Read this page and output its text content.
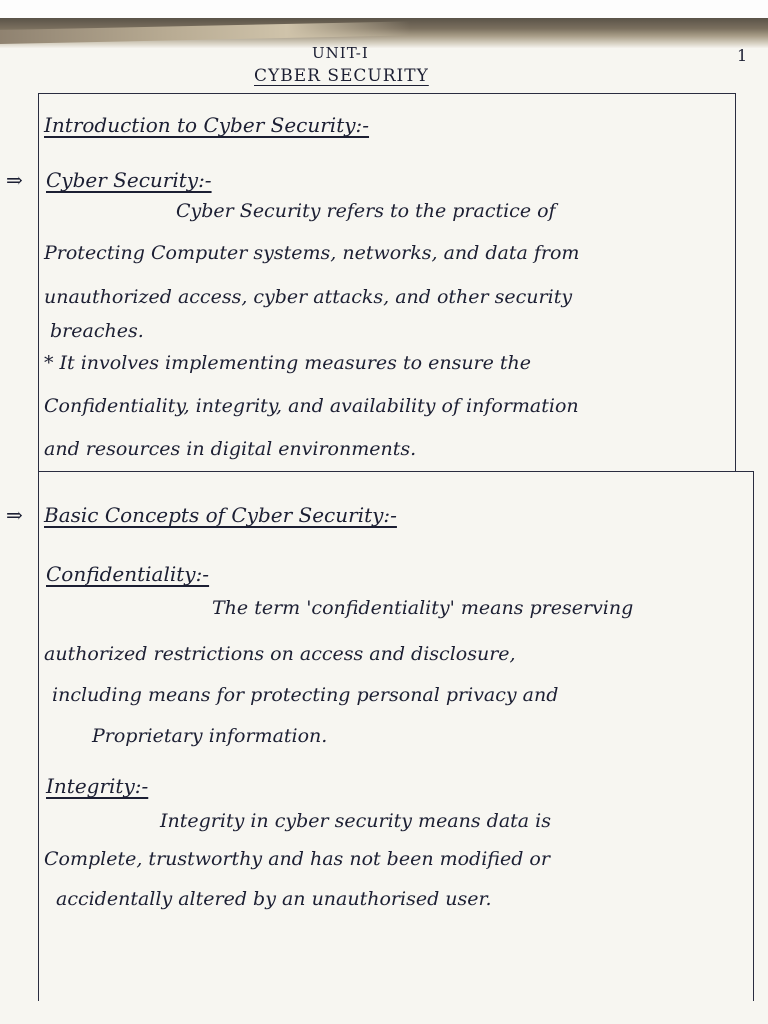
UNIT-I	1
CYBER SECURITY
Introduction to Cyber Security:-
⇒ Cyber Security:-
Cyber Security refers to the practice of
Protecting Computer systems, networks, and data from
unauthorized access, cyber attacks, and other security
breaches.
* It involves implementing measures to ensure the
Confidentiality, integrity, and availability of information
and resources in digital environments.
⇒ Basic Concepts of Cyber Security:-
Confidentiality:-
The term 'confidentiality' means preserving
authorized restrictions on access and disclosure,
including means for protecting personal privacy and
Proprietary information.
Integrity:-
Integrity in cyber security means data is
Complete, trustworthy and has not been modified or
accidentally altered by an unauthorised user.
